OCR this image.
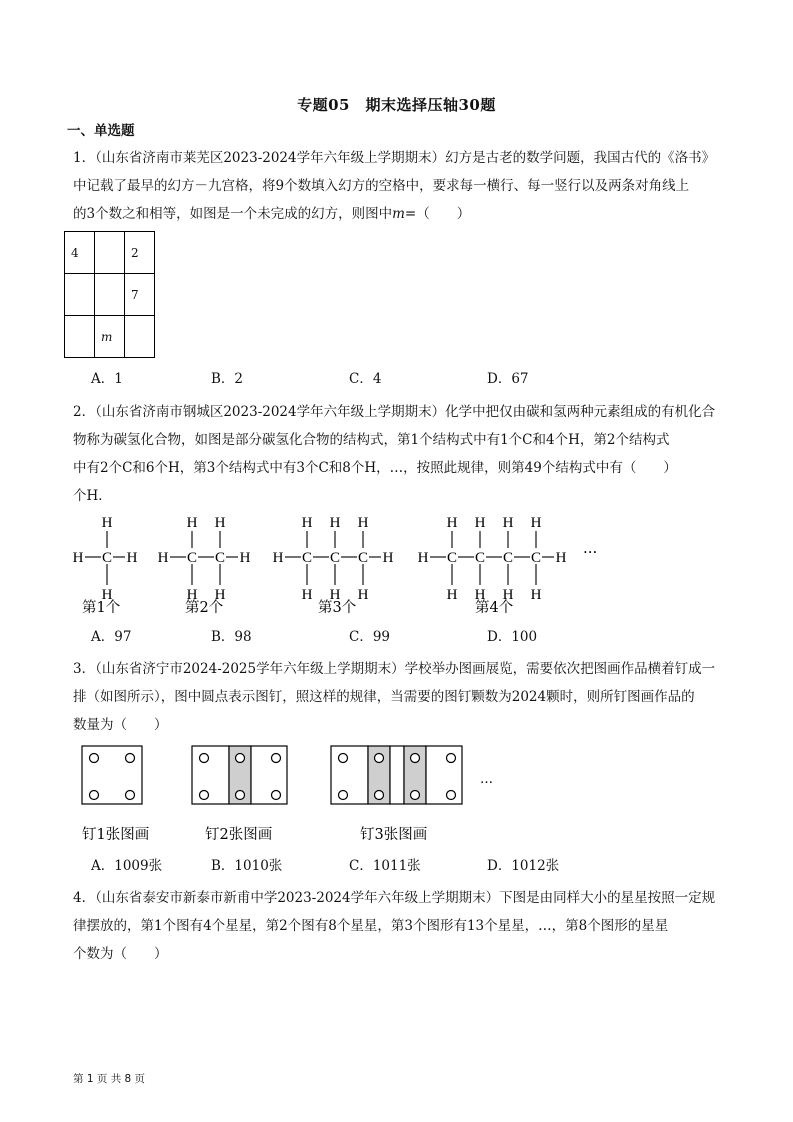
专题05　期末选择压轴30题
一、单选题
1．（山东省济南市莱芜区2023-2024学年六年级上学期期末）幻方是古老的数学问题，我国古代的《洛书》
中记载了最早的幻方－九宫格，将9个数填入幻方的空格中，要求每一横行、每一竖行以及两条对角线上
的3个数之和相等，如图是一个未完成的幻方，则图中m=（　　）
4		2
		7
	m	
A．1	B．2	C．4	D．67
2．（山东省济南市钢城区2023-2024学年六年级上学期期末）化学中把仅由碳和氢两种元素组成的有机化合
物称为碳氢化合物，如图是部分碳氢化合物的结构式，第1个结构式中有1个C和4个H，第2个结构式
中有2个C和6个H，第3个结构式中有3个C和8个H，…，按照此规律，则第49个结构式中有（　　）
个H．
H C
H
H
H H C
H
H
C
H
H
H H C
H
H
C
H
H
C
H
H
H H C
H
H
C
H
H
C
H
H
C
H
H
H ···
第1个	第2个	第3个	第4个
A．97	B．98	C．99	D．100
3．（山东省济宁市2024-2025学年六年级上学期期末）学校举办图画展览，需要依次把图画作品横着钉成一
排（如图所示），图中圆点表示图钉，照这样的规律，当需要的图钉颗数为2024颗时，则所钉图画作品的
数量为（　　）
…
钉1张图画	钉2张图画	钉3张图画
A．1009张	B．1010张	C．1011张	D．1012张
4．（山东省泰安市新泰市新甫中学2023-2024学年六年级上学期期末）下图是由同样大小的星星按照一定规
律摆放的，第1个图有4个星星，第2个图有8个星星，第3个图形有13个星星，…，第8个图形的星星
个数为（　　）
第 1 页 共 8 页
